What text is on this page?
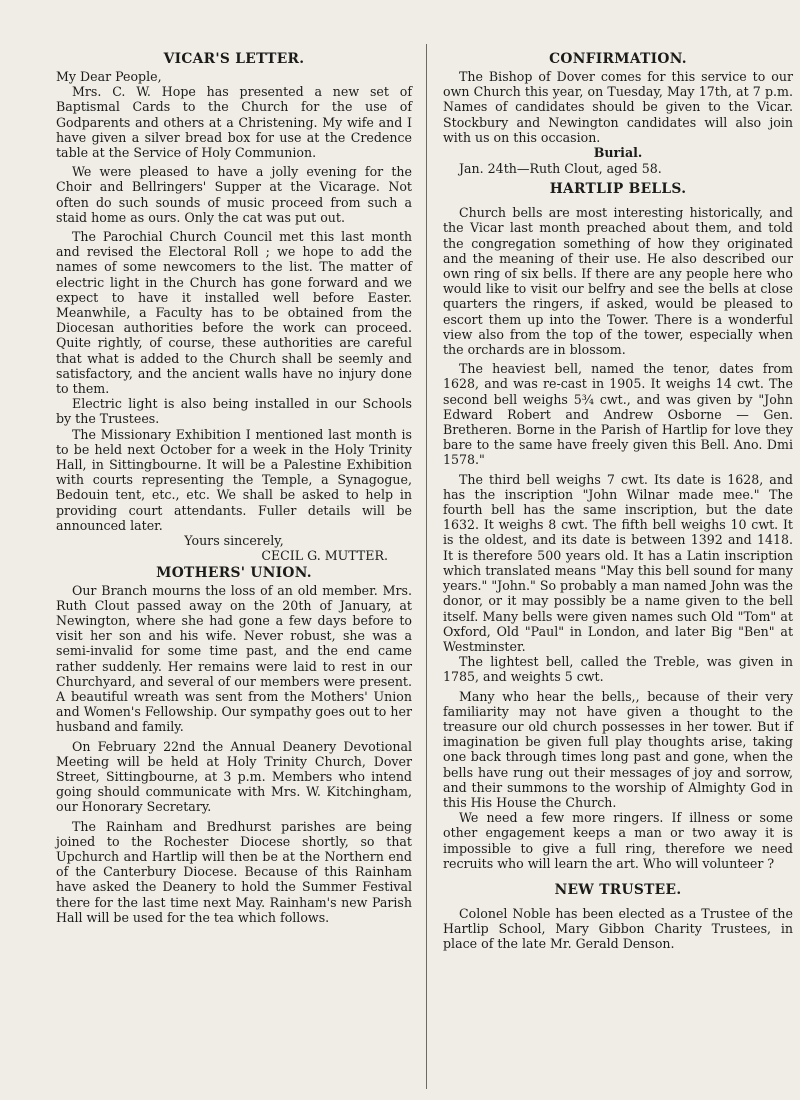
VICAR'S LETTER.

My Dear People,

Mrs. C. W. Hope has presented a new set of Baptismal Cards to the Church for the use of Godparents and others at a Christening. My wife and I have given a silver bread box for use at the Credence table at the Service of Holy Communion.

We were pleased to have a jolly evening for the Choir and Bellringers' Supper at the Vicarage. Not often do such sounds of music proceed from such a staid home as ours. Only the cat was put out.

The Parochial Church Council met this last month and revised the Electoral Roll ; we hope to add the names of some newcomers to the list. The matter of electric light in the Church has gone forward and we expect to have it installed well before Easter. Meanwhile, a Faculty has to be obtained from the Diocesan authorities before the work can proceed. Quite rightly, of course, these authorities are careful that what is added to the Church shall be seemly and satisfactory, and the ancient walls have no injury done to them.

Electric light is also being installed in our Schools by the Trustees.

The Missionary Exhibition I mentioned last month is to be held next October for a week in the Holy Trinity Hall, in Sittingbourne. It will be a Palestine Exhibition with courts representing the Temple, a Synagogue, Bedouin tent, etc., etc. We shall be asked to help in providing court attendants. Fuller details will be announced later.

Yours sincerely,
CECIL G. MUTTER.
MOTHERS' UNION.

Our Branch mourns the loss of an old member. Mrs. Ruth Clout passed away on the 20th of January, at Newington, where she had gone a few days before to visit her son and his wife. Never robust, she was a semi-invalid for some time past, and the end came rather suddenly. Her remains were laid to rest in our Churchyard, and several of our members were present. A beautiful wreath was sent from the Mothers' Union and Women's Fellowship. Our sympathy goes out to her husband and family.

On February 22nd the Annual Deanery Devotional Meeting will be held at Holy Trinity Church, Dover Street, Sittingbourne, at 3 p.m. Members who intend going should communicate with Mrs. W. Kitchingham, our Honorary Secretary.

The Rainham and Bredhurst parishes are being joined to the Rochester Diocese shortly, so that Upchurch and Hartlip will then be at the Northern end of the Canterbury Diocese. Because of this Rainham have asked the Deanery to hold the Summer Festival there for the last time next May. Rainham's new Parish Hall will be used for the tea which follows.

CONFIRMATION.

The Bishop of Dover comes for this service to our own Church this year, on Tuesday, May 17th, at 7 p.m. Names of candidates should be given to the Vicar. Stockbury and Newington candidates will also join with us on this occasion.

Burial.

Jan. 24th—Ruth Clout, aged 58.

HARTLIP BELLS.

Church bells are most interesting historically, and the Vicar last month preached about them, and told the congregation something of how they originated and the meaning of their use. He also described our own ring of six bells. If there are any people here who would like to visit our belfry and see the bells at close quarters the ringers, if asked, would be pleased to escort them up into the Tower. There is a wonderful view also from the top of the tower, especially when the orchards are in blossom.

The heaviest bell, named the tenor, dates from 1628, and was re-cast in 1905. It weighs 14 cwt. The second bell weighs 5¾ cwt., and was given by "John Edward Robert and Andrew Osborne — Gen. Bretheren. Borne in the Parish of Hartlip for love they bare to the same have freely given this Bell. Ano. Dmi 1578."

The third bell weighs 7 cwt. Its date is 1628, and has the inscription "John Wilnar made mee." The fourth bell has the same inscription, but the date 1632. It weighs 8 cwt. The fifth bell weighs 10 cwt. It is the oldest, and its date is between 1392 and 1418. It is therefore 500 years old. It has a Latin inscription which translated means "May this bell sound for many years." "John." So probably a man named John was the donor, or it may possibly be a name given to the bell itself. Many bells were given names such Old "Tom" at Oxford, Old "Paul" in London, and later Big "Ben" at Westminster.

The lightest bell, called the Treble, was given in 1785, and weights 5 cwt.

Many who hear the bells,, because of their very familiarity may not have given a thought to the treasure our old church possesses in her tower. But if imagination be given full play thoughts arise, taking one back through times long past and gone, when the bells have rung out their messages of joy and sorrow, and their summons to the worship of Almighty God in this His House the Church.

We need a few more ringers. If illness or some other engagement keeps a man or two away it is impossible to give a full ring, therefore we need recruits who will learn the art. Who will volunteer ?

NEW TRUSTEE.

Colonel Noble has been elected as a Trustee of the Hartlip School, Mary Gibbon Charity Trustees, in place of the late Mr. Gerald Denson.
